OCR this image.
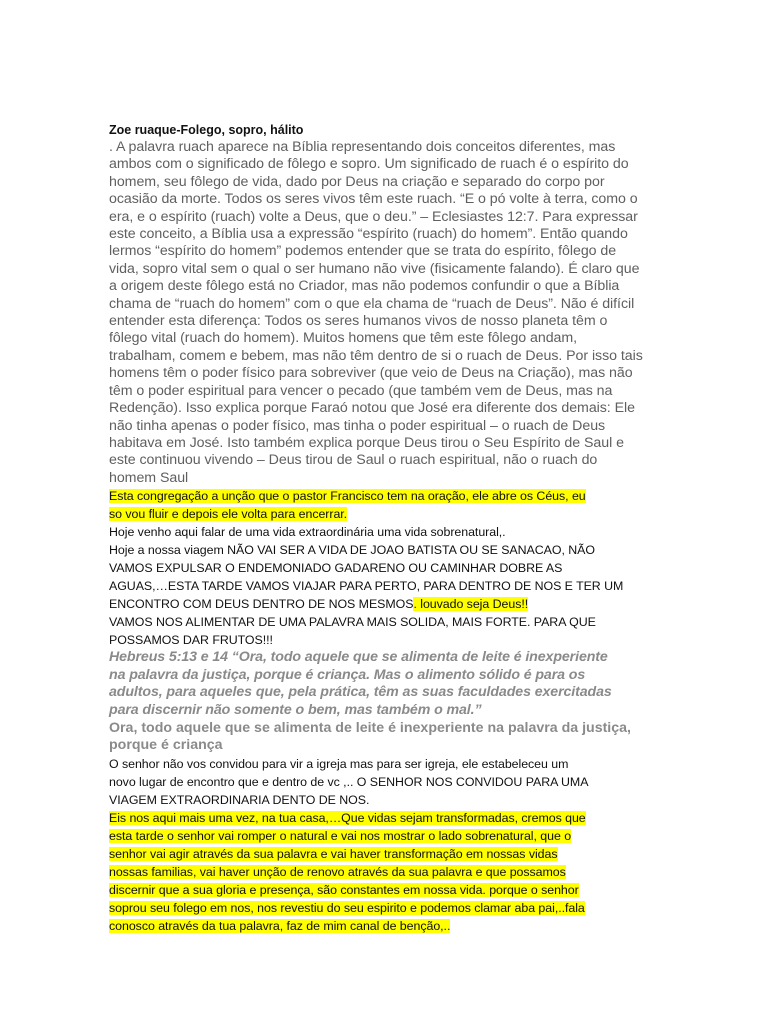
Zoe ruaque-Folego, sopro, hálito

. A palavra ruach aparece na Bíblia representando dois conceitos diferentes, mas
ambos com o significado de fôlego e sopro. Um significado de ruach é o espírito do
homem, seu fôlego de vida, dado por Deus na criação e separado do corpo por
ocasião da morte. Todos os seres vivos têm este ruach. “E o pó volte à terra, como o
era, e o espírito (ruach) volte a Deus, que o deu.” – Eclesiastes 12:7. Para expressar
este conceito, a Bíblia usa a expressão “espírito (ruach) do homem”. Então quando
lermos “espírito do homem” podemos entender que se trata do espírito, fôlego de
vida, sopro vital sem o qual o ser humano não vive (fisicamente falando). É claro que
a origem deste fôlego está no Criador, mas não podemos confundir o que a Bíblia
chama de “ruach do homem” com o que ela chama de “ruach de Deus”. Não é difícil
entender esta diferença: Todos os seres humanos vivos de nosso planeta têm o
fôlego vital (ruach do homem). Muitos homens que têm este fôlego andam,
trabalham, comem e bebem, mas não têm dentro de si o ruach de Deus. Por isso tais
homens têm o poder físico para sobreviver (que veio de Deus na Criação), mas não
têm o poder espiritual para vencer o pecado (que também vem de Deus, mas na
Redenção). Isso explica porque Faraó notou que José era diferente dos demais: Ele
não tinha apenas o poder físico, mas tinha o poder espiritual – o ruach de Deus
habitava em José. Isto também explica porque Deus tirou o Seu Espírito de Saul e
este continuou vivendo – Deus tirou de Saul o ruach espiritual, não o ruach do
homem Saul

Esta congregação a unção que o pastor Francisco tem na oração, ele abre os Céus, eu
so vou fluir e depois ele volta para encerrar.

Hoje venho aqui falar de uma vida extraordinária uma vida sobrenatural,.

Hoje a nossa viagem NÃO VAI SER A VIDA DE JOAO BATISTA OU SE SANACAO, NÃO
VAMOS EXPULSAR O ENDEMONIADO GADARENO OU CAMINHAR DOBRE AS
AGUAS,…ESTA TARDE VAMOS VIAJAR PARA PERTO, PARA DENTRO DE NOS E TER UM
ENCONTRO COM DEUS DENTRO DE NOS MESMOS. louvado seja Deus!!

VAMOS NOS ALIMENTAR DE UMA PALAVRA MAIS SOLIDA, MAIS FORTE. PARA QUE
POSSAMOS DAR FRUTOS!!!

Hebreus 5:13 e 14 “Ora, todo aquele que se alimenta de leite é inexperiente
na palavra da justiça, porque é criança. Mas o alimento sólido é para os
adultos, para aqueles que, pela prática, têm as suas faculdades exercitadas
para discernir não somente o bem, mas também o mal.”

Ora, todo aquele que se alimenta de leite é inexperiente na palavra da justiça,
porque é criança

O senhor não vos convidou para vir a igreja mas para ser igreja, ele estabeleceu um
novo lugar de encontro que e dentro de vc ,.. O SENHOR NOS CONVIDOU PARA UMA
VIAGEM EXTRAORDINARIA DENTO DE NOS.

Eis nos aqui mais uma vez, na tua casa,…Que vidas sejam transformadas, cremos que
esta tarde o senhor vai romper o natural e vai nos mostrar o lado sobrenatural, que o
senhor vai agir através da sua palavra e vai haver transformação em nossas vidas
nossas familias, vai haver unção de renovo através da sua palavra e que possamos
discernir que a sua gloria e presença, são constantes em nossa vida. porque o senhor
soprou seu folego em nos, nos revestiu do seu espirito e podemos clamar aba pai,..fala
conosco através da tua palavra, faz de mim canal de benção,..
